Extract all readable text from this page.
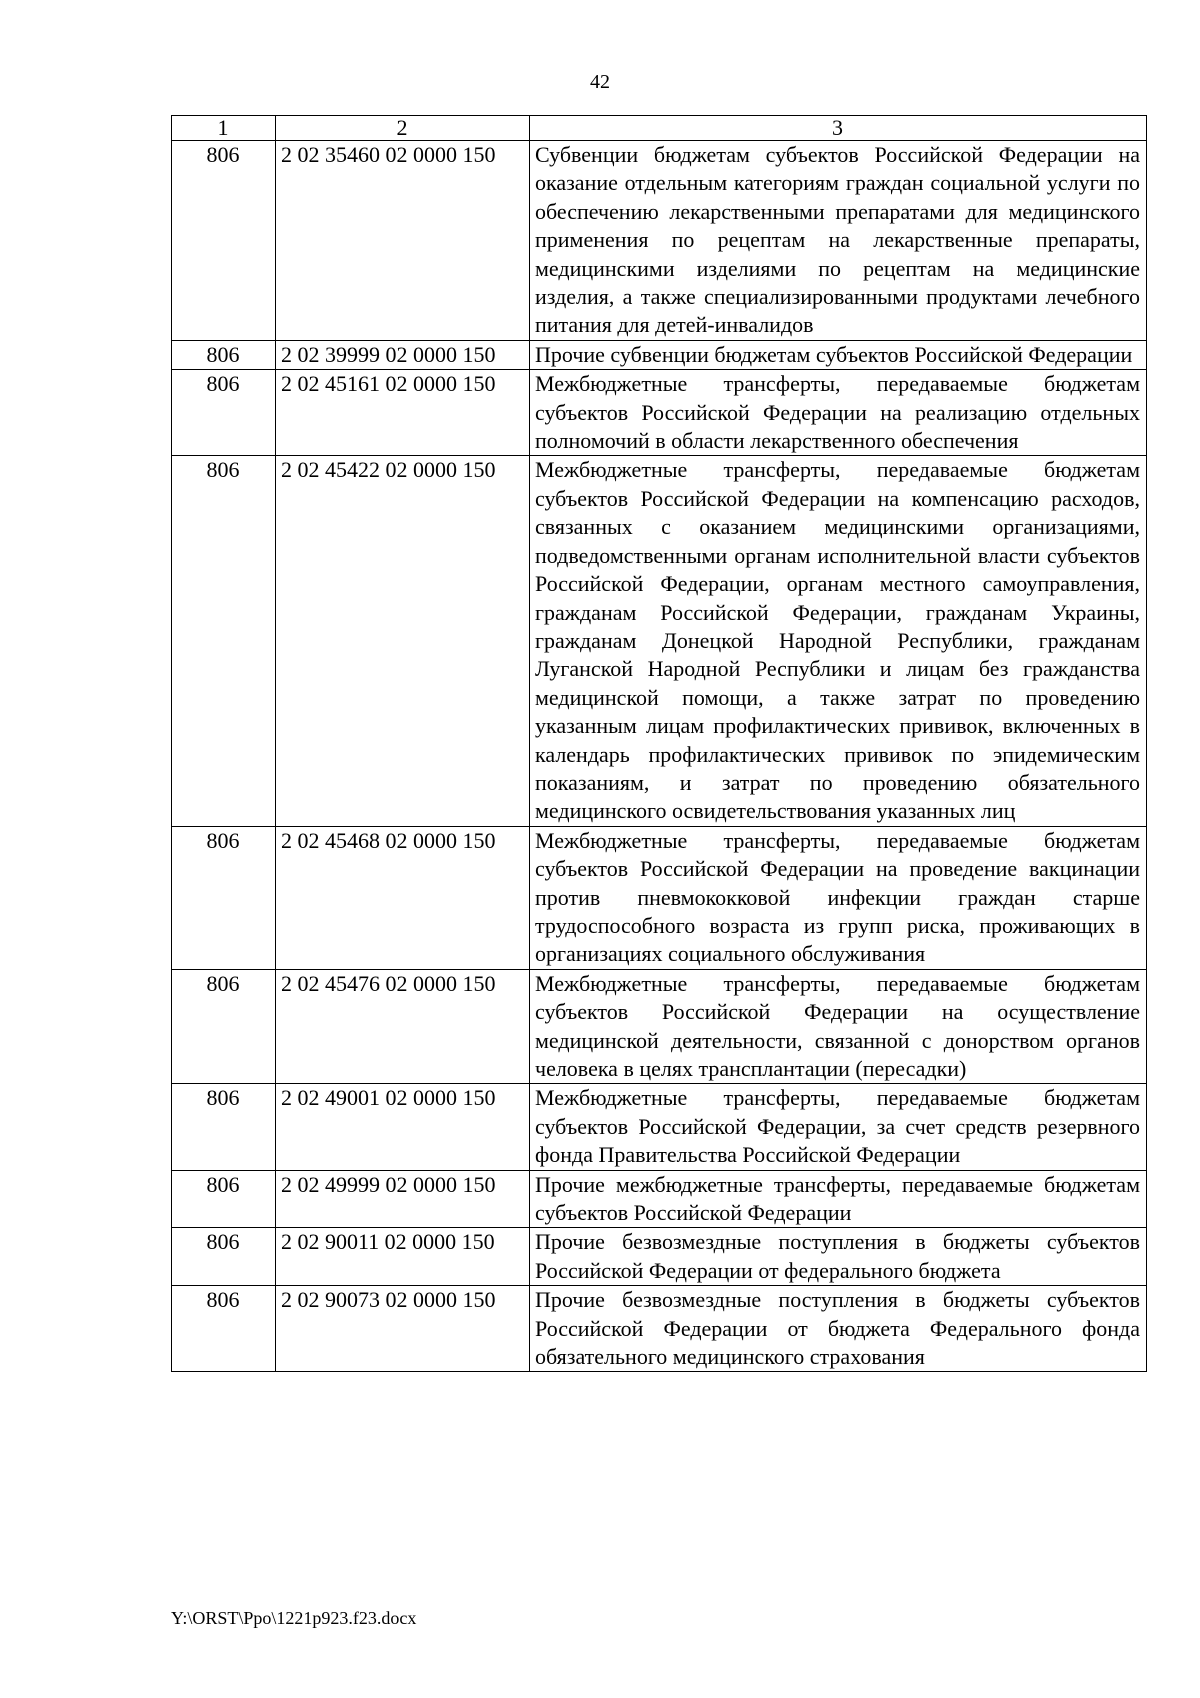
42
1	2	3
806	2 02 35460 02 0000 150	Субвенции бюджетам субъектов Российской Федерации на оказание отдельным категориям граждан социальной услуги по обеспечению лекарственными препаратами для медицинского применения по рецептам на лекарственные препараты, медицинскими изделиями по рецептам на медицинские изделия, а также специализированными продуктами лечебного питания для детей-инвалидов
806	2 02 39999 02 0000 150	Прочие субвенции бюджетам субъектов Российской Федерации
806	2 02 45161 02 0000 150	Межбюджетные трансферты, передаваемые бюджетам субъектов Российской Федерации на реализацию отдельных полномочий в области лекарственного обеспечения
806	2 02 45422 02 0000 150	Межбюджетные трансферты, передаваемые бюджетам субъектов Российской Федерации на компенсацию расходов, связанных с оказанием медицинскими организациями, подведомственными органам исполнительной власти субъектов Российской Федерации, органам местного самоуправления, гражданам Российской Федерации, гражданам Украины, гражданам Донецкой Народной Республики, гражданам Луганской Народной Республики и лицам без гражданства медицинской помощи, а также затрат по проведению указанным лицам профилактических прививок, включенных в календарь профилактических прививок по эпидемическим показаниям, и затрат по проведению обязательного медицинского освидетельствования указанных лиц
806	2 02 45468 02 0000 150	Межбюджетные трансферты, передаваемые бюджетам субъектов Российской Федерации на проведение вакцинации против пневмококковой инфекции граждан старше трудоспособного возраста из групп риска, проживающих в организациях социального обслуживания
806	2 02 45476 02 0000 150	Межбюджетные трансферты, передаваемые бюджетам субъектов Российской Федерации на осуществление медицинской деятельности, связанной с донорством органов человека в целях трансплантации (пересадки)
806	2 02 49001 02 0000 150	Межбюджетные трансферты, передаваемые бюджетам субъектов Российской Федерации, за счет средств резервного фонда Правительства Российской Федерации
806	2 02 49999 02 0000 150	Прочие межбюджетные трансферты, передаваемые бюджетам субъектов Российской Федерации
806	2 02 90011 02 0000 150	Прочие безвозмездные поступления в бюджеты субъектов Российской Федерации от федерального бюджета
806	2 02 90073 02 0000 150	Прочие безвозмездные поступления в бюджеты субъектов Российской Федерации от бюджета Федерального фонда обязательного медицинского страхования
Y:\ORST\Ppo\1221p923.f23.docx
